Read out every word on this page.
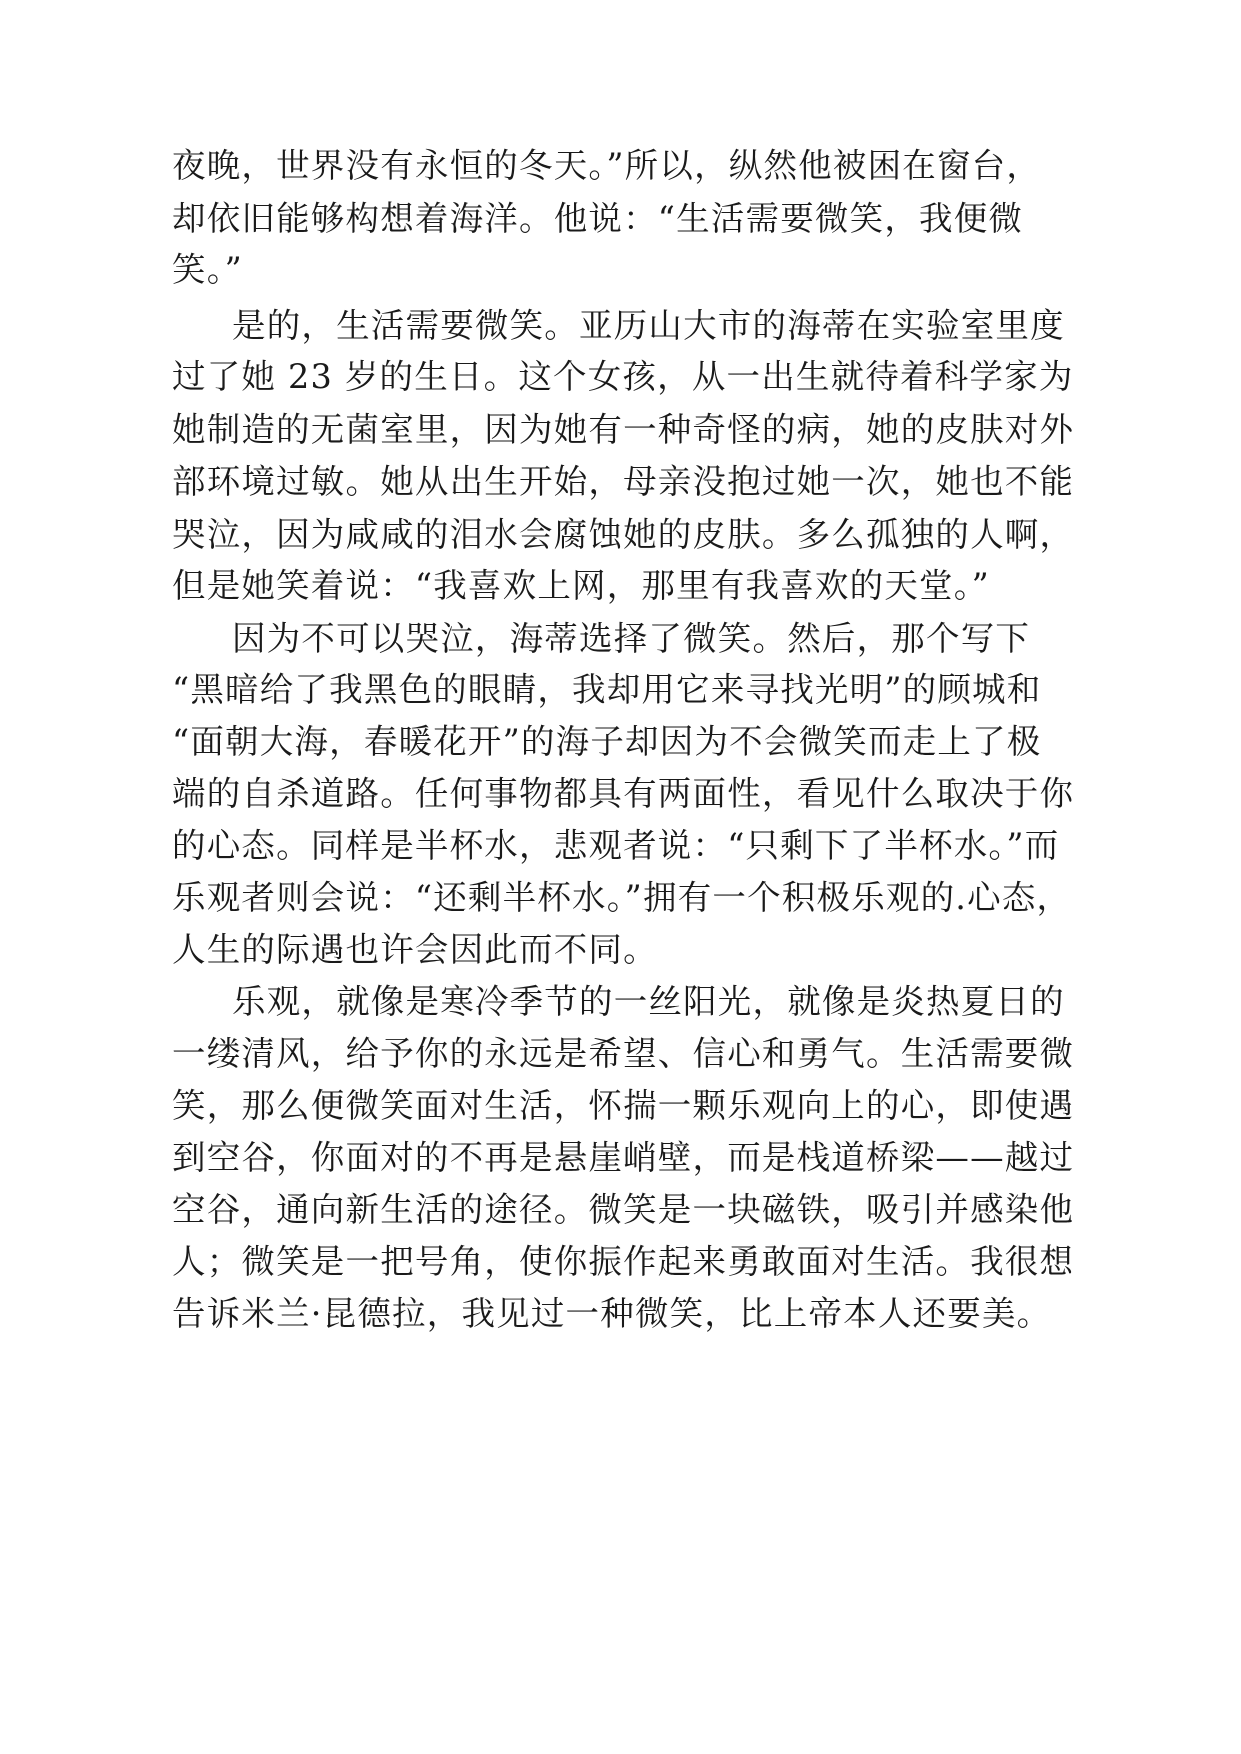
夜晚，世界没有永恒的冬天。”所以，纵然他被困在窗台，
却依旧能够构想着海洋。他说：“生活需要微笑，我便微
笑。”
是的，生活需要微笑。亚历山大市的海蒂在实验室里度
过了她 23 岁的生日。这个女孩，从一出生就待着科学家为
她制造的无菌室里，因为她有一种奇怪的病，她的皮肤对外
部环境过敏。她从出生开始，母亲没抱过她一次，她也不能
哭泣，因为咸咸的泪水会腐蚀她的皮肤。多么孤独的人啊，
但是她笑着说：“我喜欢上网，那里有我喜欢的天堂。”
因为不可以哭泣，海蒂选择了微笑。然后，那个写下
“黑暗给了我黑色的眼睛，我却用它来寻找光明”的顾城和
“面朝大海，春暖花开”的海子却因为不会微笑而走上了极
端的自杀道路。任何事物都具有两面性，看见什么取决于你
的心态。同样是半杯水，悲观者说：“只剩下了半杯水。”而
乐观者则会说：“还剩半杯水。”拥有一个积极乐观的.心态，
人生的际遇也许会因此而不同。
乐观，就像是寒冷季节的一丝阳光，就像是炎热夏日的
一缕清风，给予你的永远是希望、信心和勇气。生活需要微
笑，那么便微笑面对生活，怀揣一颗乐观向上的心，即使遇
到空谷，你面对的不再是悬崖峭壁，而是栈道桥梁——越过
空谷，通向新生活的途径。微笑是一块磁铁，吸引并感染他
人；微笑是一把号角，使你振作起来勇敢面对生活。我很想
告诉米兰·昆德拉，我见过一种微笑，比上帝本人还要美。
